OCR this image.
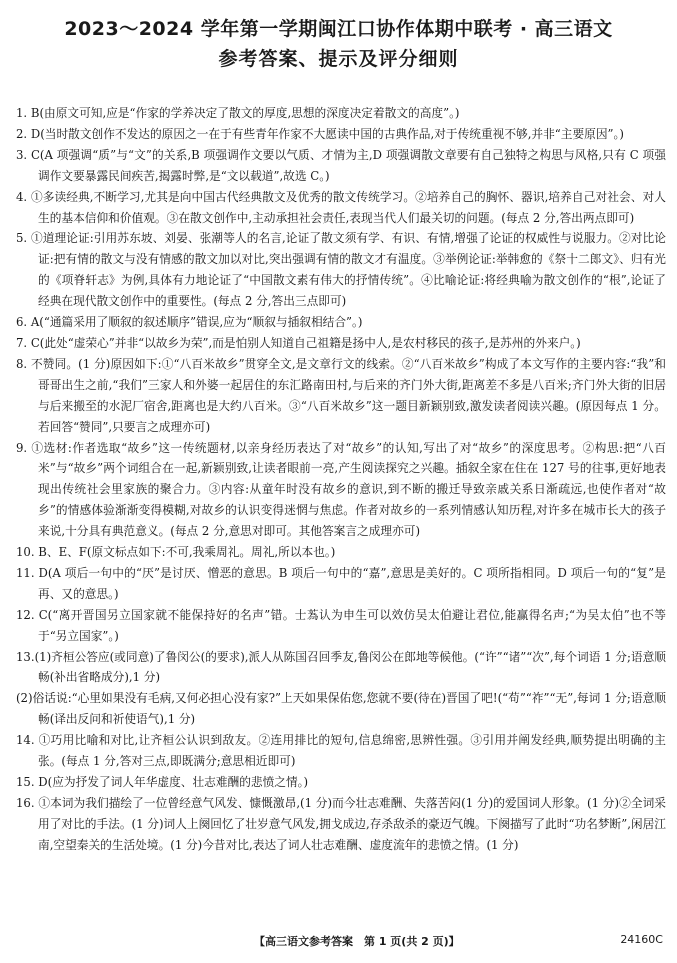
2023～2024 学年第一学期闽江口协作体期中联考 · 高三语文
参考答案、提示及评分细则

1. B(由原文可知,应是“作家的学养决定了散文的厚度,思想的深度决定着散文的高度”。)

2. D(当时散文创作不发达的原因之一在于有些青年作家不大愿读中国的古典作品,对于传统重视不够,并非“主要原因”。)

3. C(A 项强调“质”与“文”的关系,B 项强调作文要以气质、才情为主,D 项强调散文章要有自己独特之构思与风格,只有 C 项强调作文要暴露民间疾苦,揭露时弊,是“文以载道”,故选 C。)

4. ①多读经典,不断学习,尤其是向中国古代经典散文及优秀的散文传统学习。②培养自己的胸怀、器识,培养自己对社会、对人生的基本信仰和价值观。③在散文创作中,主动承担社会责任,表现当代人们最关切的问题。(每点 2 分,答出两点即可)

5. ①道理论证:引用苏东坡、刘晏、张潮等人的名言,论证了散文须有学、有识、有情,增强了论证的权威性与说服力。②对比论证:把有情的散文与没有情感的散文加以对比,突出强调有情的散文才有温度。③举例论证:举韩愈的《祭十二郎文》、归有光的《项脊轩志》为例,具体有力地论证了“中国散文素有伟大的抒情传统”。④比喻论证:将经典喻为散文创作的“根”,论证了经典在现代散文创作中的重要性。(每点 2 分,答出三点即可)

6. A(“通篇采用了顺叙的叙述顺序”错误,应为“顺叙与插叙相结合”。)

7. C(此处“虚荣心”并非“以故乡为荣”,而是怕别人知道自己祖籍是扬中人,是农村移民的孩子,是苏州的外来户。)

8. 不赞同。(1 分)原因如下:①“八百米故乡”贯穿全文,是文章行文的线索。②“八百米故乡”构成了本文写作的主要内容:“我”和哥哥出生之前,“我们”三家人和外婆一起居住的东汇路南田村,与后来的齐门外大街,距离差不多是八百米;齐门外大街的旧居与后来搬至的水泥厂宿舍,距离也是大约八百米。③“八百米故乡”这一题目新颖别致,激发读者阅读兴趣。(原因每点 1 分。若回答“赞同”,只要言之成理亦可)

9. ①选材:作者选取“故乡”这一传统题材,以亲身经历表达了对“故乡”的认知,写出了对“故乡”的深度思考。②构思:把“八百米”与“故乡”两个词组合在一起,新颖别致,让读者眼前一亮,产生阅读探究之兴趣。插叙全家在住在 127 号的往事,更好地表现出传统社会里家族的聚合力。③内容:从童年时没有故乡的意识,到不断的搬迁导致亲戚关系日渐疏远,也使作者对“故乡”的情感体验渐渐变得模糊,对故乡的认识变得迷惘与焦虑。作者对故乡的一系列情感认知历程,对许多在城市长大的孩子来说,十分具有典范意义。(每点 2 分,意思对即可。其他答案言之成理亦可)

10. B、E、F(原文标点如下:不可,我乘周礼。周礼,所以本也。)

11. D(A 项后一句中的“厌”是讨厌、憎恶的意思。B 项后一句中的“嘉”,意思是美好的。C 项所指相同。D 项后一句的“复”是再、又的意思。)

12. C(“离开晋国另立国家就不能保持好的名声”错。士蒍认为申生可以效仿吴太伯避让君位,能赢得名声;“为吴太伯”也不等于“另立国家”。)

13.(1)齐桓公答应(或同意)了鲁闵公(的要求),派人从陈国召回季友,鲁闵公在郎地等候他。(“许”“诸”“次”,每个词语 1 分;语意顺畅(补出省略成分),1 分)
(2)俗话说:“心里如果没有毛病,又何必担心没有家?”上天如果保佑您,您就不要(待在)晋国了吧!(“苟”“祚”“无”,每词 1 分;语意顺畅(译出反问和祈使语气),1 分)

14. ①巧用比喻和对比,让齐桓公认识到敌友。②连用排比的短句,信息绵密,思辨性强。③引用并阐发经典,顺势提出明确的主张。(每点 1 分,答对三点,即既满分;意思相近即可)

15. D(应为抒发了词人年华虚度、壮志难酬的悲愤之情。)

16. ①本词为我们描绘了一位曾经意气风发、慷慨激昂,(1 分)而今壮志难酬、失落苦闷(1 分)的爱国词人形象。(1 分)②全词采用了对比的手法。(1 分)词人上阕回忆了壮岁意气风发,拥戈成边,存杀敌杀的豪迈气魄。下阕描写了此时“功名梦断”,闲居江南,空望秦关的生活处境。(1 分)今昔对比,表达了词人壮志难酬、虚度流年的悲愤之情。(1 分)

【高三语文参考答案　第 1 页(共 2 页)】	24160C
